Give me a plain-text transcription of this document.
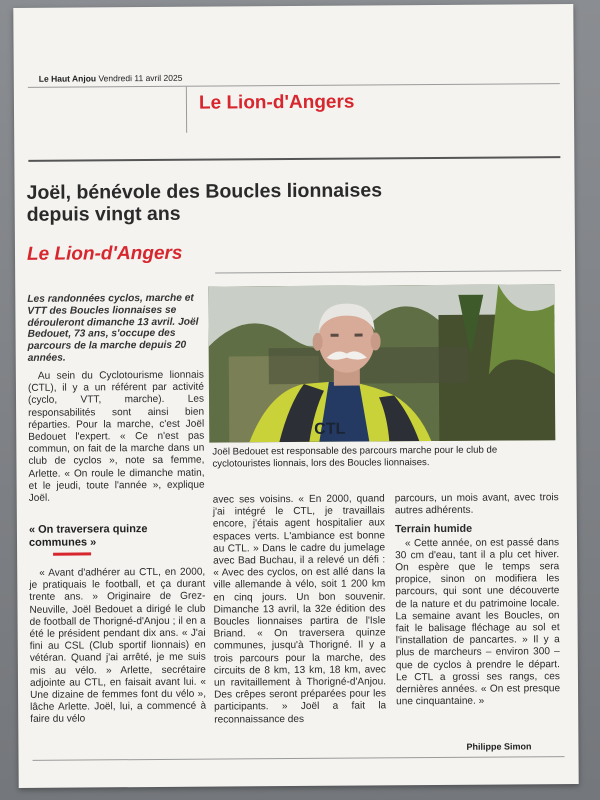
Le Haut Anjou Vendredi 11 avril 2025
Le Lion-d'Angers
Joël, bénévole des Boucles lionnaises depuis vingt ans
Le Lion-d'Angers
Les randonnées cyclos, marche et VTT des Boucles lionnaises se dérouleront dimanche 13 avril. Joël Bedouet, 73 ans, s'occupe des parcours de la marche depuis 20 années.
CTL
Joël Bedouet est responsable des parcours marche pour le club de cyclotouristes lionnais, lors des Boucles lionnaises.

Au sein du Cyclotourisme lionnais (CTL), il y a un référent par activité (cyclo, VTT, marche). Les responsabilités sont ainsi bien réparties. Pour la marche, c'est Joël Bedouet l'expert. « Ce n'est pas commun, on fait de la marche dans un club de cyclos », note sa femme, Arlette. « On roule le dimanche matin, et le jeudi, toute l'année », explique Joël.

« On traversera quinze communes »

« Avant d'adhérer au CTL, en 2000, je pratiquais le football, et ça durant trente ans. » Originaire de Grez-Neuville, Joël Bedouet a dirigé le club de football de Thorigné-d'Anjou ; il en a été le président pendant dix ans. « J'ai fini au CSL (Club sportif lionnais) en vétéran. Quand j'ai arrêté, je me suis mis au vélo. » Arlette, secrétaire adjointe au CTL, en faisait avant lui. « Une dizaine de femmes font du vélo », lâche Arlette. Joël, lui, a commencé à faire du vélo

avec ses voisins. « En 2000, quand j'ai intégré le CTL, je travaillais encore, j'étais agent hospitalier aux espaces verts. L'ambiance est bonne au CTL. » Dans le cadre du jumelage avec Bad Buchau, il a relevé un défi : « Avec des cyclos, on est allé dans la ville allemande à vélo, soit 1 200 km en cinq jours. Un bon souvenir. Dimanche 13 avril, la 32e édition des Boucles lionnaises partira de l'Isle Briand. « On traversera quinze communes, jusqu'à Thorigné. Il y a trois parcours pour la marche, des circuits de 8 km, 13 km, 18 km, avec un ravitaillement à Thorigné-d'Anjou. Des crêpes seront préparées pour les participants. » Joël a fait la reconnaissance des

parcours, un mois avant, avec trois autres adhérents.

Terrain humide

« Cette année, on est passé dans 30 cm d'eau, tant il a plu cet hiver. On espère que le temps sera propice, sinon on modifiera les parcours, qui sont une découverte de la nature et du patrimoine locale. La semaine avant les Boucles, on fait le balisage fléchage au sol et l'installation de pancartes. » Il y a plus de marcheurs – environ 300 – que de cyclos à prendre le départ. Le CTL a grossi ses rangs, ces dernières années. « On est presque une cinquantaine. »

Philippe Simon
